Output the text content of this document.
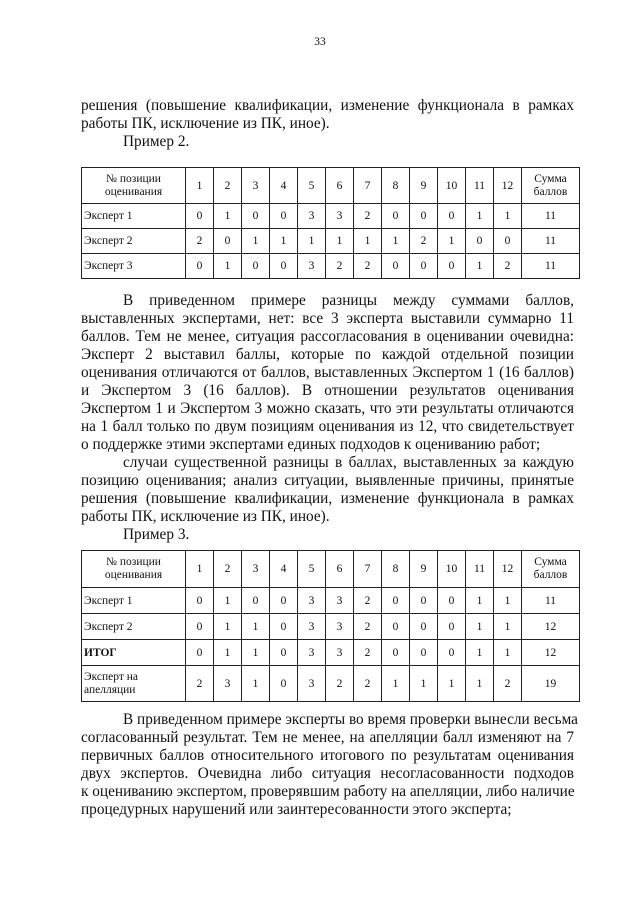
33
решения (повышение квалификации, изменение функционала в рамках
работы ПК, исключение из ПК, иное).
Пример 2.
№ позиции
оценивания	1	2	3	4	5	6	7	8	9	10	11	12	Сумма
баллов
Эксперт 1	0	1	0	0	3	3	2	0	0	0	1	1	11
Эксперт 2	2	0	1	1	1	1	1	1	2	1	0	0	11
Эксперт 3	0	1	0	0	3	2	2	0	0	0	1	2	11
В приведенном примере разницы между суммами баллов,
выставленных экспертами, нет: все 3 эксперта выставили суммарно 11
баллов. Тем не менее, ситуация рассогласования в оценивании очевидна:
Эксперт 2 выставил баллы, которые по каждой отдельной позиции
оценивания отличаются от баллов, выставленных Экспертом 1 (16 баллов)
и Экспертом 3 (16 баллов). В отношении результатов оценивания
Экспертом 1 и Экспертом 3 можно сказать, что эти результаты отличаются
на 1 балл только по двум позициям оценивания из 12, что свидетельствует
о поддержке этими экспертами единых подходов к оцениванию работ;
случаи существенной разницы в баллах, выставленных за каждую
позицию оценивания; анализ ситуации, выявленные причины, принятые
решения (повышение квалификации, изменение функционала в рамках
работы ПК, исключение из ПК, иное).
Пример 3.
№ позиции
оценивания	1	2	3	4	5	6	7	8	9	10	11	12	Сумма
баллов
Эксперт 1	0	1	0	0	3	3	2	0	0	0	1	1	11
Эксперт 2	0	1	1	0	3	3	2	0	0	0	1	1	12
ИТОГ	0	1	1	0	3	3	2	0	0	0	1	1	12
Эксперт на
апелляции	2	3	1	0	3	2	2	1	1	1	1	2	19
В приведенном примере эксперты во время проверки вынесли весьма
согласованный результат. Тем не менее, на апелляции балл изменяют на 7
первичных баллов относительного итогового по результатам оценивания
двух экспертов. Очевидна либо ситуация несогласованности подходов
к оцениванию экспертом, проверявшим работу на апелляции, либо наличие
процедурных нарушений или заинтересованности этого эксперта;
